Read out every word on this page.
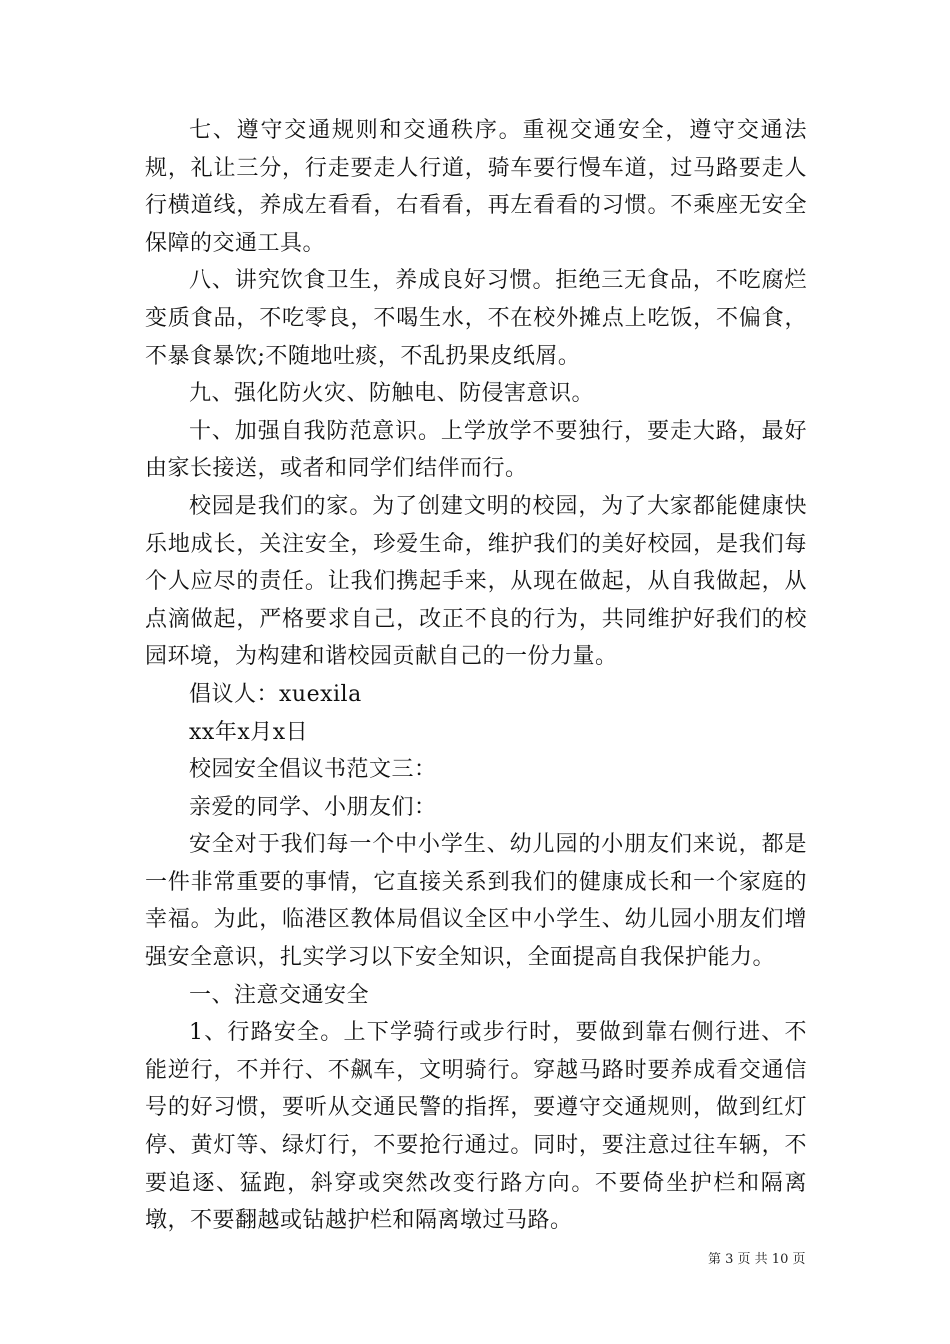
七、遵守交通规则和交通秩序。重视交通安全，遵守交通法规，礼让三分，行走要走人行道，骑车要行慢车道，过马路要走人行横道线，养成左看看，右看看，再左看看的习惯。不乘座无安全保障的交通工具。

八、讲究饮食卫生，养成良好习惯。拒绝三无食品，不吃腐烂变质食品，不吃零良，不喝生水，不在校外摊点上吃饭，不偏食，不暴食暴饮;不随地吐痰，不乱扔果皮纸屑。

九、强化防火灾、防触电、防侵害意识。

十、加强自我防范意识。上学放学不要独行，要走大路，最好由家长接送，或者和同学们结伴而行。

校园是我们的家。为了创建文明的校园，为了大家都能健康快乐地成长，关注安全，珍爱生命，维护我们的美好校园，是我们每个人应尽的责任。让我们携起手来，从现在做起，从自我做起，从点滴做起，严格要求自己，改正不良的行为，共同维护好我们的校园环境，为构建和谐校园贡献自己的一份力量。

倡议人：xuexila

xx年x月x日

校园安全倡议书范文三：

亲爱的同学、小朋友们：

安全对于我们每一个中小学生、幼儿园的小朋友们来说，都是一件非常重要的事情，它直接关系到我们的健康成长和一个家庭的幸福。为此，临港区教体局倡议全区中小学生、幼儿园小朋友们增强安全意识，扎实学习以下安全知识，全面提高自我保护能力。

一、注意交通安全

1、行路安全。上下学骑行或步行时，要做到靠右侧行进、不能逆行，不并行、不飙车，文明骑行。穿越马路时要养成看交通信号的好习惯，要听从交通民警的指挥，要遵守交通规则，做到红灯停、黄灯等、绿灯行，不要抢行通过。同时，要注意过往车辆，不要追逐、猛跑，斜穿或突然改变行路方向。不要倚坐护栏和隔离墩，不要翻越或钻越护栏和隔离墩过马路。

第 3 页 共 10 页
